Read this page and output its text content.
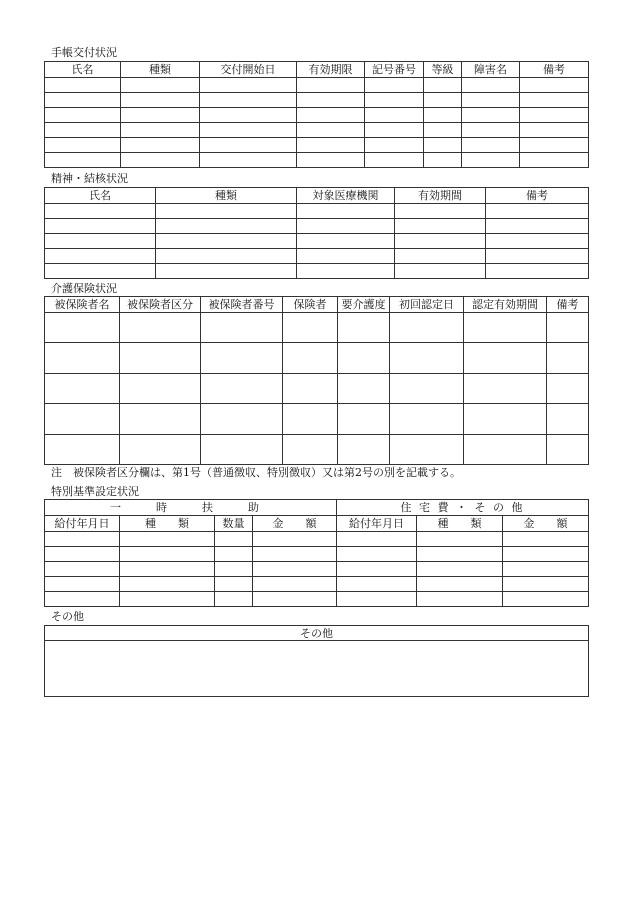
手帳交付状況
氏名	種類	交付開始日	有効期限	記号番号	等級	障害名	備考

精神・結核状況
氏名	種類	対象医療機関	有効期間	備考

介護保険状況
被保険者名	被保険者区分	被保険者番号	保険者	要介護度	初回認定日	認定有効期間	備考

注　被保険者区分欄は、第1号（普通徴収、特別徴収）又は第2号の別を記載する。
特別基準設定状況
一　時　扶　助				住 宅 費 ・ そ の 他		
給付年月日	種　　類	数量	金　　額	給付年月日	種　　類	金　　額

その他
その他
